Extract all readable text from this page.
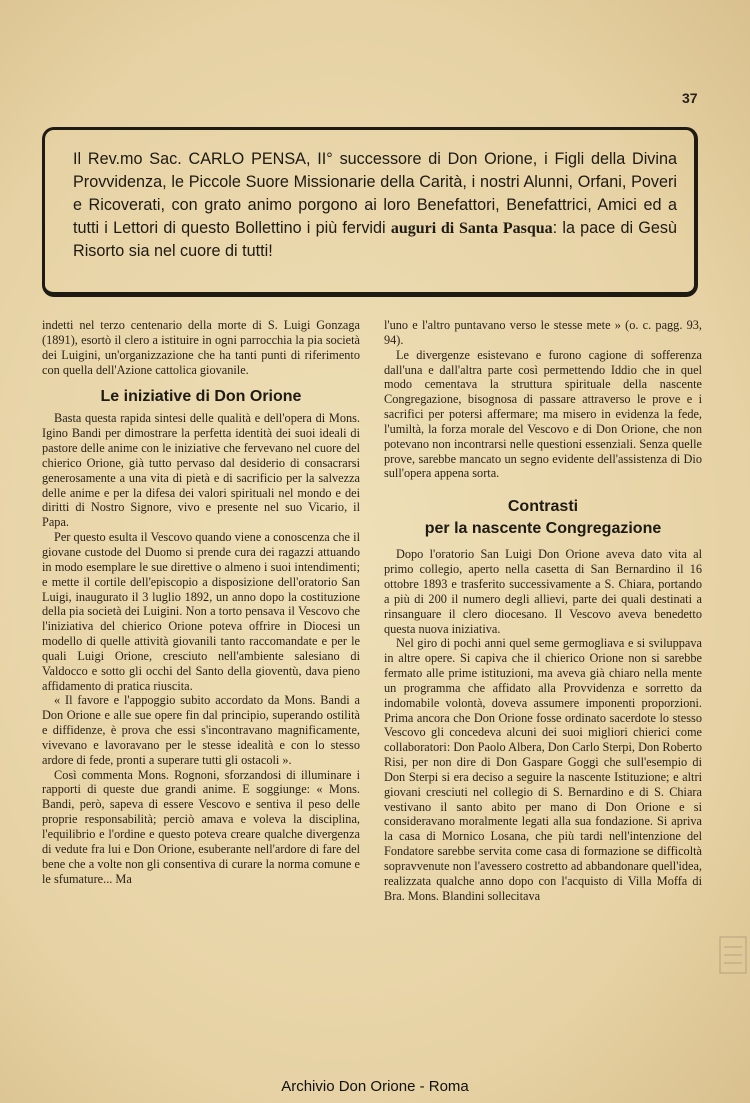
37
Il Rev.mo Sac. CARLO PENSA, II° successore di Don Orione, i Figli della Divina Provvidenza, le Piccole Suore Missionarie della Carità, i nostri Alunni, Orfani, Poveri e Ricoverati, con grato animo porgono ai loro Benefattori, Benefattrici, Amici ed a tutti i Lettori di questo Bollettino i più fervidi auguri di Santa Pasqua: la pace di Gesù Risorto sia nel cuore di tutti!

indetti nel terzo centenario della morte di S. Luigi Gonzaga (1891), esortò il clero a istituire in ogni parrocchia la pia società dei Luigini, un'organizzazione che ha tanti punti di riferimento con quella dell'Azione cattolica giovanile.

Le iniziative di Don Orione

Basta questa rapida sintesi delle qualità e dell'opera di Mons. Igino Bandi per dimostrare la perfetta identità dei suoi ideali di pastore delle anime con le iniziative che fervevano nel cuore del chierico Orione, già tutto pervaso dal desiderio di consacrarsi generosamente a una vita di pietà e di sacrificio per la salvezza delle anime e per la difesa dei valori spirituali nel mondo e dei diritti di Nostro Signore, vivo e presente nel suo Vicario, il Papa.

Per questo esulta il Vescovo quando viene a conoscenza che il giovane custode del Duomo si prende cura dei ragazzi attuando in modo esemplare le sue direttive o almeno i suoi intendimenti; e mette il cortile dell'episcopio a disposizione dell'oratorio San Luigi, inaugurato il 3 luglio 1892, un anno dopo la costituzione della pia società dei Luigini. Non a torto pensava il Vescovo che l'iniziativa del chierico Orione poteva offrire in Diocesi un modello di quelle attività giovanili tanto raccomandate e per le quali Luigi Orione, cresciuto nell'ambiente salesiano di Valdocco e sotto gli occhi del Santo della gioventù, dava pieno affidamento di pratica riuscita.

« Il favore e l'appoggio subito accordato da Mons. Bandi a Don Orione e alle sue opere fin dal principio, superando ostilità e diffidenze, è prova che essi s'incontravano magnificamente, vivevano e lavoravano per le stesse idealità e con lo stesso ardore di fede, pronti a superare tutti gli ostacoli ».

Così commenta Mons. Rognoni, sforzandosi di illuminare i rapporti di queste due grandi anime. E soggiunge: « Mons. Bandi, però, sapeva di essere Vescovo e sentiva il peso delle proprie responsabilità; perciò amava e voleva la disciplina, l'equilibrio e l'ordine e questo poteva creare qualche divergenza di vedute fra lui e Don Orione, esuberante nell'ardore di fare del bene che a volte non gli consentiva di curare la norma comune e le sfumature... Ma

l'uno e l'altro puntavano verso le stesse mete » (o. c. pagg. 93, 94).

Le divergenze esistevano e furono cagione di sofferenza dall'una e dall'altra parte così permettendo Iddio che in quel modo cementava la struttura spirituale della nascente Congregazione, bisognosa di passare attraverso le prove e i sacrifici per potersi affermare; ma misero in evidenza la fede, l'umiltà, la forza morale del Vescovo e di Don Orione, che non potevano non incontrarsi nelle questioni essenziali. Senza quelle prove, sarebbe mancato un segno evidente dell'assistenza di Dio sull'opera appena sorta.

Contrasti
per la nascente Congregazione

Dopo l'oratorio San Luigi Don Orione aveva dato vita al primo collegio, aperto nella casetta di San Bernardino il 16 ottobre 1893 e trasferito successivamente a S. Chiara, portando a più di 200 il numero degli allievi, parte dei quali destinati a rinsanguare il clero diocesano. Il Vescovo aveva benedetto questa nuova iniziativa.

Nel giro di pochi anni quel seme germogliava e si sviluppava in altre opere. Si capiva che il chierico Orione non si sarebbe fermato alle prime istituzioni, ma aveva già chiaro nella mente un programma che affidato alla Provvidenza e sorretto da indomabile volontà, doveva assumere imponenti proporzioni. Prima ancora che Don Orione fosse ordinato sacerdote lo stesso Vescovo gli concedeva alcuni dei suoi migliori chierici come collaboratori: Don Paolo Albera, Don Carlo Sterpi, Don Roberto Risi, per non dire di Don Gaspare Goggi che sull'esempio di Don Sterpi si era deciso a seguire la nascente Istituzione; e altri giovani cresciuti nel collegio di S. Bernardino e di S. Chiara vestivano il santo abito per mano di Don Orione e si consideravano moralmente legati alla sua fondazione. Si apriva la casa di Mornico Losana, che più tardi nell'intenzione del Fondatore sarebbe servita come casa di formazione se difficoltà sopravvenute non l'avessero costretto ad abbandonare quell'idea, realizzata qualche anno dopo con l'acquisto di Villa Moffa di Bra. Mons. Blandini sollecitava

Archivio Don Orione - Roma
